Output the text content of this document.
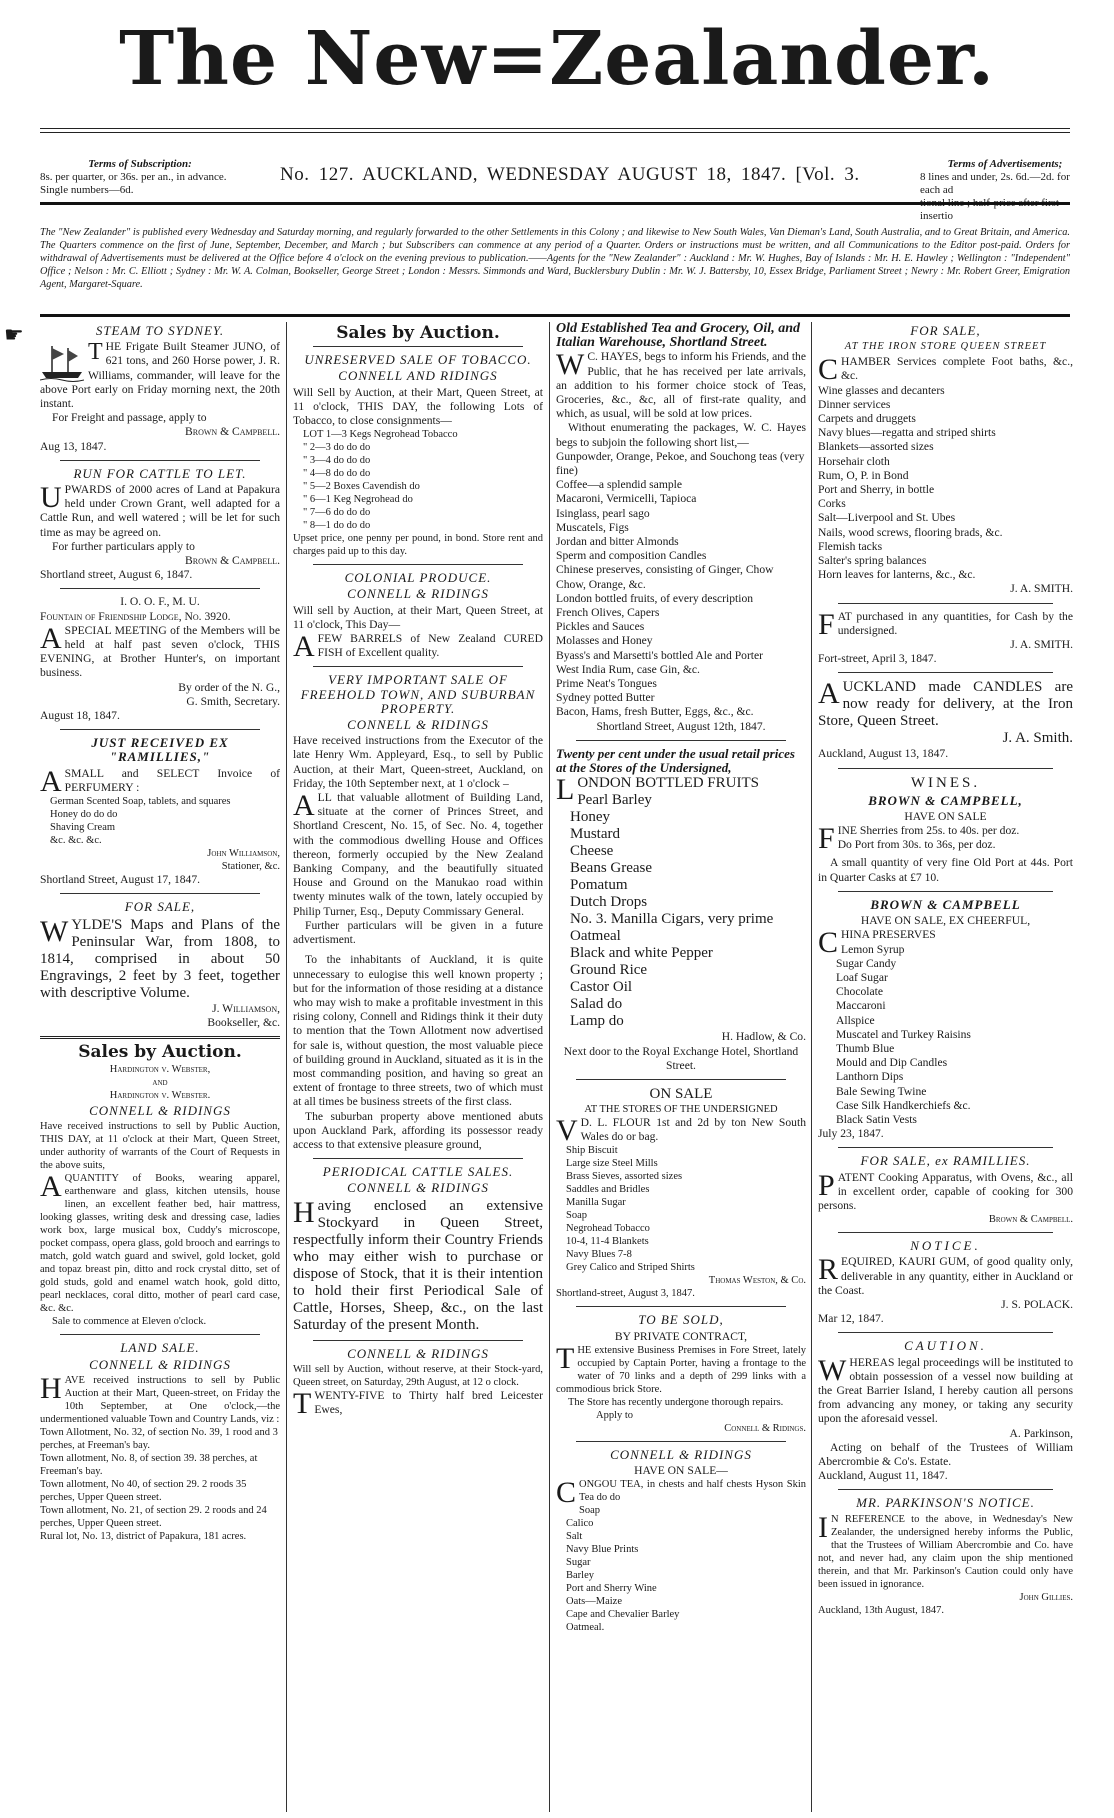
The New=Zealander.
Terms of Subscription:
8s. per quarter, or 36s. per an., in advance.
Single numbers—6d.
No. 127. AUCKLAND, WEDNESDAY AUGUST 18, 1847. [Vol. 3.	Terms of Advertisements;
8 lines and under, 2s. 6d.—2d. for each ad
tional line ; half-price after first insertio
The "New Zealander" is published every Wednesday and Saturday morning, and regularly forwarded to the other Settlements in this Colony ; and likewise to New South Wales, Van Dieman's Land, South Australia, and to Great Britain, and America. The Quarters commence on the first of June, September, December, and March ; but Subscribers can commence at any period of a Quarter. Orders or instructions must be written, and all Communications to the Editor post-paid. Orders for withdrawal of Advertisements must be delivered at the Office before 4 o'clock on the evening previous to publication.——Agents for the "New Zealander" : Auckland : Mr. W. Hughes, Bay of Islands : Mr. H. E. Hawley ; Wellington : "Independent" Office ; Nelson : Mr. C. Elliott ; Sydney : Mr. W. A. Colman, Bookseller, George Street ; London : Messrs. Simmonds and Ward, Bucklersbury Dublin : Mr. W. J. Battersby, 10, Essex Bridge, Parliament Street ; Newry : Mr. Robert Greer, Emigration Agent, Margaret-Square.
☛	STEAM TO SYDNEY.

THE Frigate Built Steamer JUNO, of 621 tons, and 260 Horse power, J. R. Williams, commander, will leave for the above Port early on Friday morning next, the 20th instant.

For Freight and passage, apply to

Brown & Campbell.

Aug 13, 1847.

RUN FOR CATTLE TO LET.

UPWARDS of 2000 acres of Land at Papakura held under Crown Grant, well adapted for a Cattle Run, and well watered ; will be let for such time as may be agreed on.

For further particulars apply to

Brown & Campbell.

Shortland street, August 6, 1847.

I. O. O. F., M. U.

Fountain of Friendship Lodge, No. 3920.

ASPECIAL MEETING of the Members will be held at half past seven o'clock, THIS EVENING, at Brother Hunter's, on important business.

By order of the N. G.,

G. Smith, Secretary.

August 18, 1847.

JUST RECEIVED EX "RAMILLIES,"

ASMALL and SELECT Invoice of PERFUMERY :

German Scented Soap, tablets, and squares
Honey do do do
Shaving Cream
&c. &c. &c.

John Williamson,

Stationer, &c.

Shortland Street, August 17, 1847.

FOR SALE,

WYLDE'S Maps and Plans of the Peninsular War, from 1808, to 1814, comprised in about 50 Engravings, 2 feet by 3 feet, together with descriptive Volume.

J. Williamson,

Bookseller, &c.

Sales by Auction.

Hardington v. Webster,

and

Hardington v. Webster.

CONNELL & RIDINGS

Have received instructions to sell by Public Auction, THIS DAY, at 11 o'clock at their Mart, Queen Street, under authority of warrants of the Court of Requests in the above suits,

AQUANTITY of Books, wearing apparel, earthenware and glass, kitchen utensils, house linen, an excellent feather bed, hair mattress, looking glasses, writing desk and dressing case, ladies work box, large musical box, Cuddy's microscope, pocket compass, opera glass, gold brooch and earrings to match, gold watch guard and swivel, gold locket, gold and topaz breast pin, ditto and rock crystal ditto, set of gold studs, gold and enamel watch hook, gold ditto, pearl necklaces, coral ditto, mother of pearl card case, &c. &c.

Sale to commence at Eleven o'clock.

LAND SALE.
CONNELL & RIDINGS

HAVE received instructions to sell by Public Auction at their Mart, Queen-street, on Friday the 10th September, at One o'clock,—the undermentioned valuable Town and Country Lands, viz :

Town Allotment, No. 32, of section No. 39, 1 rood and 3 perches, at Freeman's bay.
Town allotment, No. 8, of section 39. 38 perches, at Freeman's bay.
Town allotment, No 40, of section 29. 2 roods 35 perches, Upper Queen street.
Town allotment, No. 21, of section 29. 2 roods and 24 perches, Upper Queen street.
Rural lot, No. 13, district of Papakura, 181 acres.
Sales by Auction.
UNRESERVED SALE OF TOBACCO.
CONNELL AND RIDINGS

Will Sell by Auction, at their Mart, Queen Street, at 11 o'clock, THIS DAY, the following Lots of Tobacco, to close consignments—

LOT 1—3 Kegs Negrohead Tobacco
" 2—3 do do do
" 3—4 do do do
" 4—8 do do do
" 5—2 Boxes Cavendish do
" 6—1 Keg Negrohead do
" 7—6 do do do
" 8—1 do do do

Upset price, one penny per pound, in bond. Store rent and charges paid up to this day.

COLONIAL PRODUCE.
CONNELL & RIDINGS

Will sell by Auction, at their Mart, Queen Street, at 11 o'clock, This Day—

AFEW BARRELS of New Zealand CURED FISH of Excellent quality.

VERY IMPORTANT SALE OF FREEHOLD TOWN, AND SUBURBAN PROPERTY.
CONNELL & RIDINGS

Have received instructions from the Executor of the late Henry Wm. Appleyard, Esq., to sell by Public Auction, at their Mart, Queen-street, Auckland, on Friday, the 10th September next, at 1 o'clock –

ALL that valuable allotment of Building Land, situate at the corner of Princes Street, and Shortland Crescent, No. 15, of Sec. No. 4, together with the commodious dwelling House and Offices thereon, formerly occupied by the New Zealand Banking Company, and the beautifully situated House and Ground on the Manukao road within twenty minutes walk of the town, lately occupied by Philip Turner, Esq., Deputy Commissary General.

Further particulars will be given in a future advertisment.

To the inhabitants of Auckland, it is quite unnecessary to eulogise this well known property ; but for the information of those residing at a distance who may wish to make a profitable investment in this rising colony, Connell and Ridings think it their duty to mention that the Town Allotment now advertised for sale is, without question, the most valuable piece of building ground in Auckland, situated as it is in the most commanding position, and having so great an extent of frontage to three streets, two of which must at all times be business streets of the first class.

The suburban property above mentioned abuts upon Auckland Park, affording its possessor ready access to that extensive pleasure ground,

PERIODICAL CATTLE SALES.
CONNELL & RIDINGS

Having enclosed an extensive Stockyard in Queen Street, respectfully inform their Country Friends who may either wish to purchase or dispose of Stock, that it is their intention to hold their first Periodical Sale of Cattle, Horses, Sheep, &c., on the last Saturday of the present Month.

CONNELL & RIDINGS

Will sell by Auction, without reserve, at their Stock-yard, Queen street, on Saturday, 29th August, at 12 o clock.

TWENTY-FIVE to Thirty half bred Leicester Ewes,

Old Established Tea and Grocery, Oil, and Italian Warehouse, Shortland Street.

W C. HAYES, begs to inform his Friends, and the Public, that he has received per late arrivals, an addition to his former choice stock of Teas, Groceries, &c., &c, all of first-rate quality, and which, as usual, will be sold at low prices.

Without enumerating the packages, W. C. Hayes begs to subjoin the following short list,—

Gunpowder, Orange, Pekoe, and Souchong teas (very fine)
Coffee—a splendid sample
Macaroni, Vermicelli, Tapioca
Isinglass, pearl sago
Muscatels, Figs
Jordan and bitter Almonds
Sperm and composition Candles
Chinese preserves, consisting of Ginger, Chow Chow, Orange, &c.
London bottled fruits, of every description
French Olives, Capers
Pickles and Sauces
Molasses and Honey
Byass's and Marsetti's bottled Ale and Porter
West India Rum, case Gin, &c.
Prime Neat's Tongues
Sydney potted Butter
Bacon, Hams, fresh Butter, Eggs, &c., &c.

Shortland Street, August 12th, 1847.

Twenty per cent under the usual retail prices at the Stores of the Undersigned,

LONDON BOTTLED FRUITS

Pearl Barley
Honey
Mustard
Cheese
Beans Grease
Pomatum
Dutch Drops
No. 3. Manilla Cigars, very prime
Oatmeal
Black and white Pepper
Ground Rice
Castor Oil
Salad do
Lamp do

H. Hadlow, & Co.

Next door to the Royal Exchange Hotel, Shortland Street.

ON SALE
AT THE STORES OF THE UNDERSIGNED

V D. L. FLOUR 1st and 2d by ton New South Wales do or bag.

Ship Biscuit
Large size Steel Mills
Brass Sieves, assorted sizes
Saddles and Bridles
Manilla Sugar
Soap
Negrohead Tobacco
10-4, 11-4 Blankets
Navy Blues 7-8
Grey Calico and Striped Shirts

Thomas Weston, & Co.

Shortland-street, August 3, 1847.

TO BE SOLD,
BY PRIVATE CONTRACT,

THE extensive Business Premises in Fore Street, lately occupied by Captain Porter, having a frontage to the water of 70 links and a depth of 299 links with a commodious brick Store.

The Store has recently undergone thorough repairs.

Apply to

Connell & Ridings.

CONNELL & RIDINGS
HAVE ON SALE—

CONGOU TEA, in chests and half chests Hyson Skin Tea do do

Soap
Calico
Salt
Navy Blue Prints
Sugar
Barley
Port and Sherry Wine
Oats—Maize
Cape and Chevalier Barley
Oatmeal.
FOR SALE,
AT THE IRON STORE QUEEN STREET

CHAMBER Services complete Foot baths, &c., &c.

Wine glasses and decanters
Dinner services
Carpets and druggets
Navy blues—regatta and striped shirts
Blankets—assorted sizes
Horsehair cloth
Rum, O, P. in Bond
Port and Sherry, in bottle
Corks
Salt—Liverpool and St. Ubes
Nails, wood screws, flooring brads, &c.
Flemish tacks
Salter's spring balances
Horn leaves for lanterns, &c., &c.

J. A. SMITH.

FAT purchased in any quantities, for Cash by the undersigned.

J. A. SMITH.

Fort-street, April 3, 1847.

AUCKLAND made CANDLES are now ready for delivery, at the Iron Store, Queen Street.

J. A. Smith.

Auckland, August 13, 1847.

WINES.
BROWN & CAMPBELL,
HAVE ON SALE

FINE Sherries from 25s. to 40s. per doz.

Do Port from 30s. to 36s, per doz.

A small quantity of very fine Old Port at 44s. Port in Quarter Casks at £7 10.

BROWN & CAMPBELL
HAVE ON SALE, EX CHEERFUL,

CHINA PRESERVES

Lemon Syrup
Sugar Candy
Loaf Sugar
Chocolate
Maccaroni
Allspice
Muscatel and Turkey Raisins
Thumb Blue
Mould and Dip Candles
Lanthorn Dips
Bale Sewing Twine
Case Silk Handkerchiefs &c.
Black Satin Vests

July 23, 1847.

FOR SALE, ex RAMILLIES.

PATENT Cooking Apparatus, with Ovens, &c., all in excellent order, capable of cooking for 300 persons.

Brown & Campbell.

NOTICE.

REQUIRED, KAURI GUM, of good quality only, deliverable in any quantity, either in Auckland or the Coast.

J. S. POLACK.

Mar 12, 1847.

CAUTION.

WHEREAS legal proceedings will be instituted to obtain possession of a vessel now building at the Great Barrier Island, I hereby caution all persons from advancing any money, or taking any security upon the aforesaid vessel.

A. Parkinson,

Acting on behalf of the Trustees of William Abercrombie & Co's. Estate.

Auckland, August 11, 1847.

MR. PARKINSON'S NOTICE.

I N REFERENCE to the above, in Wednesday's New Zealander, the undersigned hereby informs the Public, that the Trustees of William Abercrombie and Co. have not, and never had, any claim upon the ship mentioned therein, and that Mr. Parkinson's Caution could only have been issued in ignorance.

John Gillies.

Auckland, 13th August, 1847.
